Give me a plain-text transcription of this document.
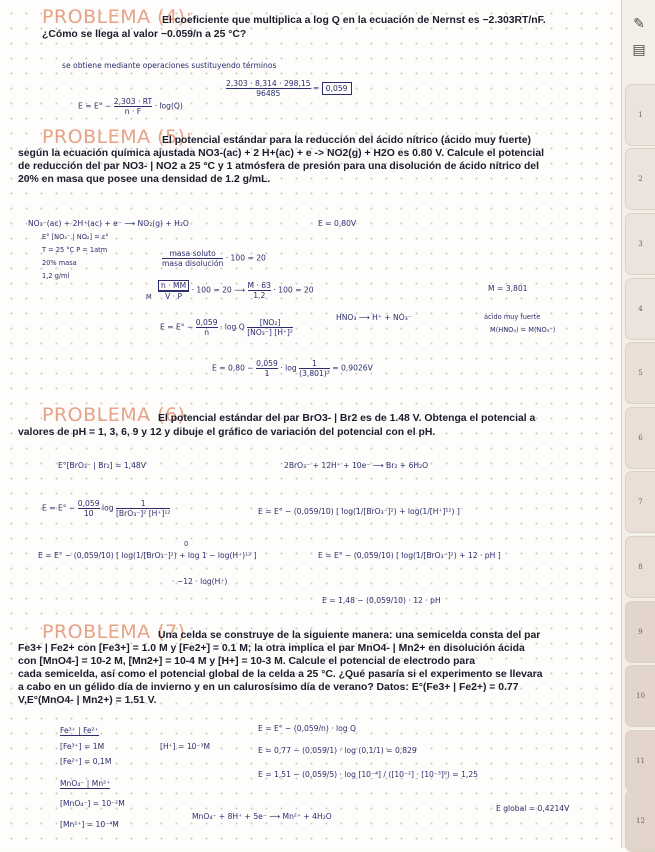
PROBLEMA (4):
El coeficiente que multiplica a log Q en la ecuación de Nernst es −2.303RT/nF.
¿Cómo se llega al valor −0.059/n a 25 °C?
se obtiene mediante operaciones sustituyendo términos
$\frac{2,303 \cdot 8,314 \cdot 298,15}{96485} = 0,059$
$E = E^\circ - \frac{2,303 \cdot RT}{n \cdot F} \cdot \log(Q)$
PROBLEMA (5):
El potencial estándar para la reducción del ácido nítrico (ácido muy fuerte)
según la ecuación química ajustada NO3-(ac) + 2 H+(ac) + e -> NO2(g) + H2O es 0.80 V. Calcule el potencial
de reducción del par NO3- | NO2 a 25 °C y 1 atmósfera de presión para una disolución de ácido nítrico del
20% en masa que posee una densidad de 1.2 g/mL.
NO₃⁻(ac) + 2H⁺(ac) + e⁻ ⟶ NO₂(g) + H₂O	E = 0,80V
E° [NO₃⁻ | NO₂] = ε°
T = 25 °C P = 1atm
20% masa
1,2 g/ml
$\frac{\text{masa soluto}}{\text{masa disolución}} \cdot 100 = 20$
M $\frac{n \cdot MM}{V \cdot P} \cdot 100 = 20$ ⟶ $\frac{M \cdot 63}{1,2} \cdot 100 = 20$	M = 3,801
HNO₃ ⟶ H⁺ + NO₃⁻	ácido muy fuerte
M(HNO₃) = M(NO₃⁻)
$E = E^\circ - \frac{0,059}{n} \cdot \log Q \frac{\text{[NO₂]}}{\text{[NO₃⁻] [H⁺]²}}$
$E = 0,80 - \frac{0,059}{1} \cdot \log \frac{1}{\text{(3,801)³}} = 0,9026V$
PROBLEMA (6)
El potencial estándar del par BrO3- | Br2 es de 1.48 V. Obtenga el potencial a
valores de pH = 1, 3, 6, 9 y 12 y dibuje el gráfico de variación del potencial con el pH.
E°[BrO₃⁻ | Br₂] = 1,48V	2BrO₃⁻ + 12H⁺ + 10e⁻ ⟶ Br₂ + 6H₂O
$E = E^\circ - \frac{0,059}{10}$ $\log \frac{1}{\text{[BrO₃⁻]² [H⁺]¹²}}$	E = E° − (0,059/10) [ log(1/[BrO₃⁻]²) + log(1/[H⁺]¹²) ]
E = E° − (0,059/10) [ log(1/[BrO₃⁻]²) + log 1 − log(H⁺)¹² ]
0
E = E° − (0,059/10) [ log(1/[BrO₃⁻]²) + 12 · pH ]
· −12 · log(H⁺)
E = 1,48 − (0,059/10) · 12 · pH
PROBLEMA (7)
Una celda se construye de la siguiente manera: una semicelda consta del par
Fe3+ | Fe2+ con [Fe3+] = 1.0 M y [Fe2+] = 0.1 M; la otra implica el par MnO4- | Mn2+ en disolución ácida
con [MnO4-] = 10-2 M, [Mn2+] = 10-4 M y [H+] = 10-3 M. Calcule el potencial de electrodo para
cada semicelda, así como el potencial global de la celda a 25 °C. ¿Qué pasaría si el experimento se llevara
a cabo en un gélido día de invierno y en un calurosísimo día de verano? Datos: E°(Fe3+ | Fe2+) = 0.77
V,E°(MnO4- | Mn2+) = 1.51 V.
Fe³⁺ | Fe²⁺
[Fe³⁺] = 1M
[Fe²⁺] = 0,1M
[H⁺] = 10⁻³M
MnO₄⁻ | Mn²⁺
[MnO₄⁻] = 10⁻²M
[Mn²⁺] = 10⁻⁴M
E = E° − (0,059/n) · log Q
E = 0,77 − (0,059/1) · log (0,1/1) = 0,829
E = 1,51 − (0,059/5) · log [10⁻⁴] / ([10⁻²] · [10⁻³]⁸) = 1,25
MnO₄⁻ + 8H⁺ + 5e⁻ ⟶ Mn²⁺ + 4H₂O
E global = 0,4214V
✎
▤
1
2
3
4
5
6
7
8
9
10
11
12
